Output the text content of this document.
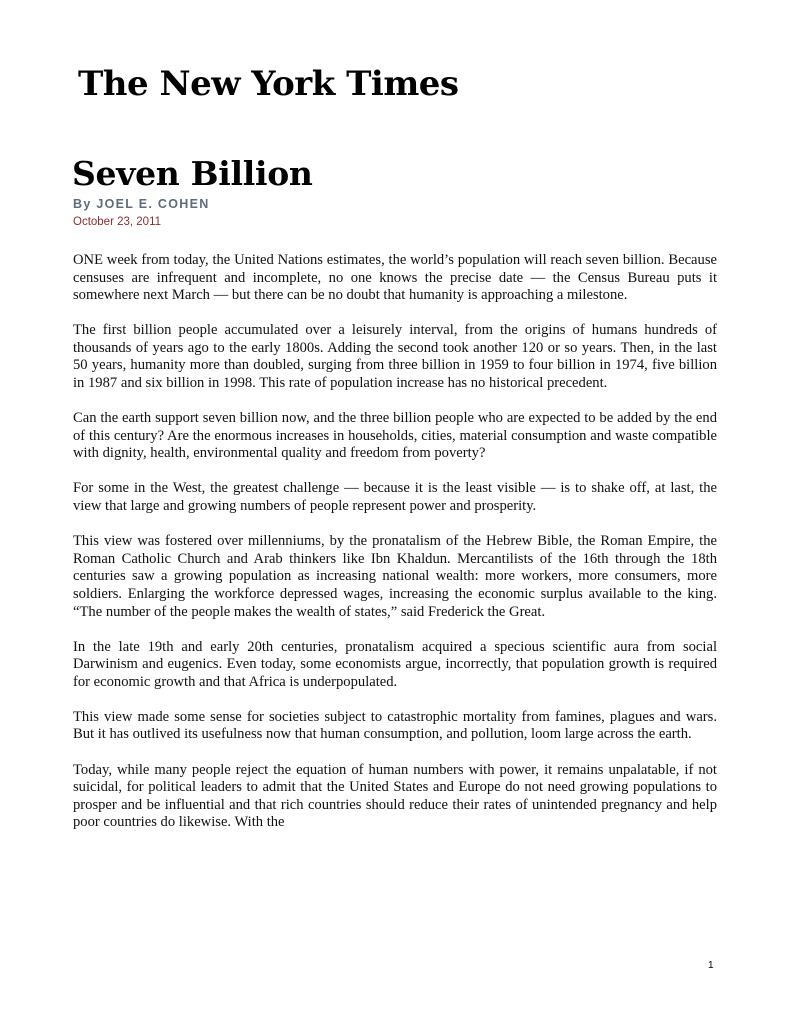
The New York Times
Seven Billion
By JOEL E. COHEN
October 23, 2011

ONE week from today, the United Nations estimates, the world’s population will reach seven billion. Because censuses are infrequent and incomplete, no one knows the precise date — the Census Bureau puts it somewhere next March — but there can be no doubt that humanity is approaching a milestone.

The first billion people accumulated over a leisurely interval, from the origins of humans hundreds of thousands of years ago to the early 1800s. Adding the second took another 120 or so years. Then, in the last 50 years, humanity more than doubled, surging from three billion in 1959 to four billion in 1974, five billion in 1987 and six billion in 1998. This rate of population increase has no historical precedent.

Can the earth support seven billion now, and the three billion people who are expected to be added by the end of this century? Are the enormous increases in households, cities, material consumption and waste compatible with dignity, health, environmental quality and freedom from poverty?

For some in the West, the greatest challenge — because it is the least visible — is to shake off, at last, the view that large and growing numbers of people represent power and prosperity.

This view was fostered over millenniums, by the pronatalism of the Hebrew Bible, the Roman Empire, the Roman Catholic Church and Arab thinkers like Ibn Khaldun. Mercantilists of the 16th through the 18th centuries saw a growing population as increasing national wealth: more workers, more consumers, more soldiers. Enlarging the workforce depressed wages, increasing the economic surplus available to the king. “The number of the people makes the wealth of states,” said Frederick the Great.

In the late 19th and early 20th centuries, pronatalism acquired a specious scientific aura from social Darwinism and eugenics. Even today, some economists argue, incorrectly, that population growth is required for economic growth and that Africa is underpopulated.

This view made some sense for societies subject to catastrophic mortality from famines, plagues and wars. But it has outlived its usefulness now that human consumption, and pollution, loom large across the earth.

Today, while many people reject the equation of human numbers with power, it remains unpalatable, if not suicidal, for political leaders to admit that the United States and Europe do not need growing populations to prosper and be influential and that rich countries should reduce their rates of unintended pregnancy and help poor countries do likewise. With the

1
